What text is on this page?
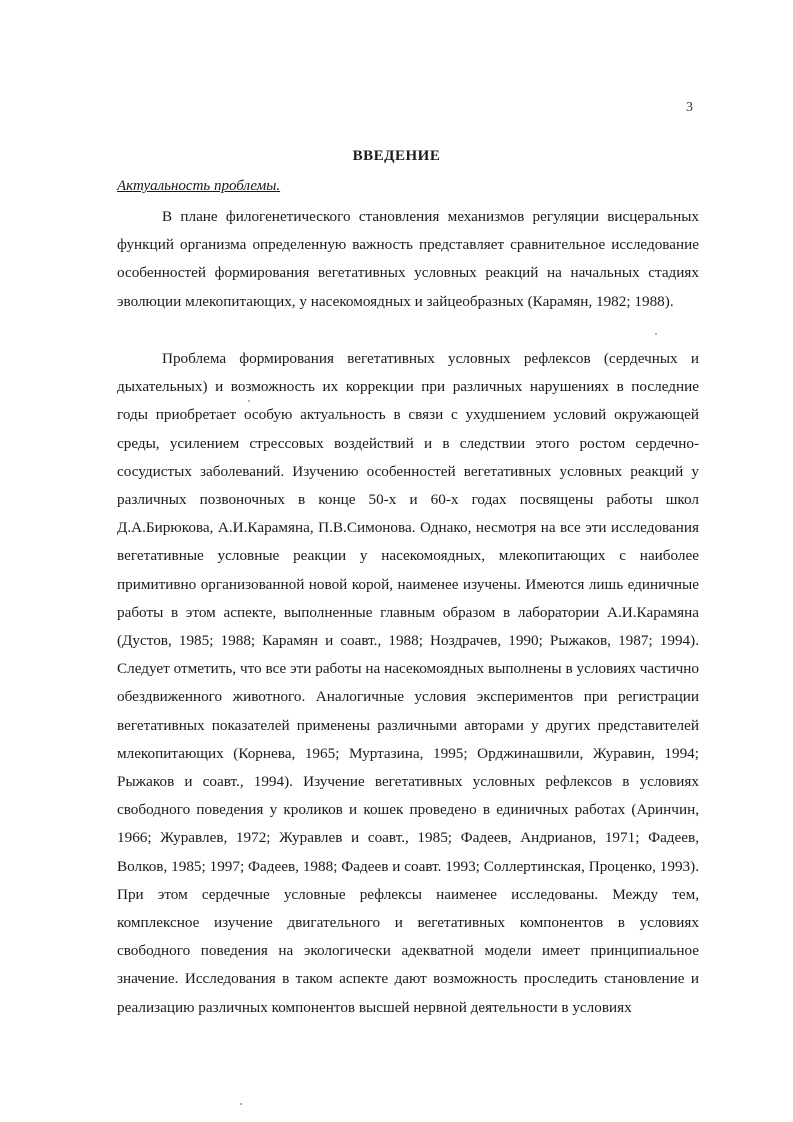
3
ВВЕДЕНИЕ
Актуальность проблемы.

В плане филогенетического становления механизмов регуляции висцеральных функций организма определенную важность представляет сравнительное исследование особенностей формирования вегетативных условных реакций на начальных стадиях эволюции млекопитающих, у насекомоядных и зайцеобразных (Карамян, 1982; 1988).

Проблема формирования вегетативных условных рефлексов (сердечных и дыхательных) и возможность их коррекции при различных нарушениях в последние годы приобретает особую актуальность в связи с ухудшением условий окружающей среды, усилением стрессовых воздействий и в следствии этого ростом сердечно-сосудистых заболеваний. Изучению особенностей вегетативных условных реакций у различных позвоночных в конце 50-х и 60-х годах посвящены работы школ Д.А.Бирюкова, А.И.Карамяна, П.В.Симонова. Однако, несмотря на все эти исследования вегетативные условные реакции у насекомоядных, млекопитающих с наиболее примитивно организованной новой корой, наименее изучены. Имеются лишь единичные работы в этом аспекте, выполненные главным образом в лаборатории А.И.Карамяна (Дустов, 1985; 1988; Карамян и соавт., 1988; Ноздрачев, 1990; Рыжаков, 1987; 1994). Следует отметить, что все эти работы на насекомоядных выполнены в условиях частично обездвиженного животного. Аналогичные условия экспериментов при регистрации вегетативных показателей применены различными авторами у других представителей млекопитающих (Корнева, 1965; Муртазина, 1995; Орджинашвили, Журавин, 1994; Рыжаков и соавт., 1994). Изучение вегетативных условных рефлексов в условиях свободного поведения у кроликов и кошек проведено в единичных работах (Аринчин, 1966; Журавлев, 1972; Журавлев и соавт., 1985; Фадеев, Андрианов, 1971; Фадеев, Волков, 1985; 1997; Фадеев, 1988; Фадеев и соавт. 1993; Соллертинская, Проценко, 1993). При этом сердечные условные рефлексы наименее исследованы. Между тем, комплексное изучение двигательного и вегетативных компонентов в условиях свободного поведения на экологически адекватной модели имеет принципиальное значение. Исследования в таком аспекте дают возможность проследить становление и реализацию различных компонентов высшей нервной деятельности в условиях
